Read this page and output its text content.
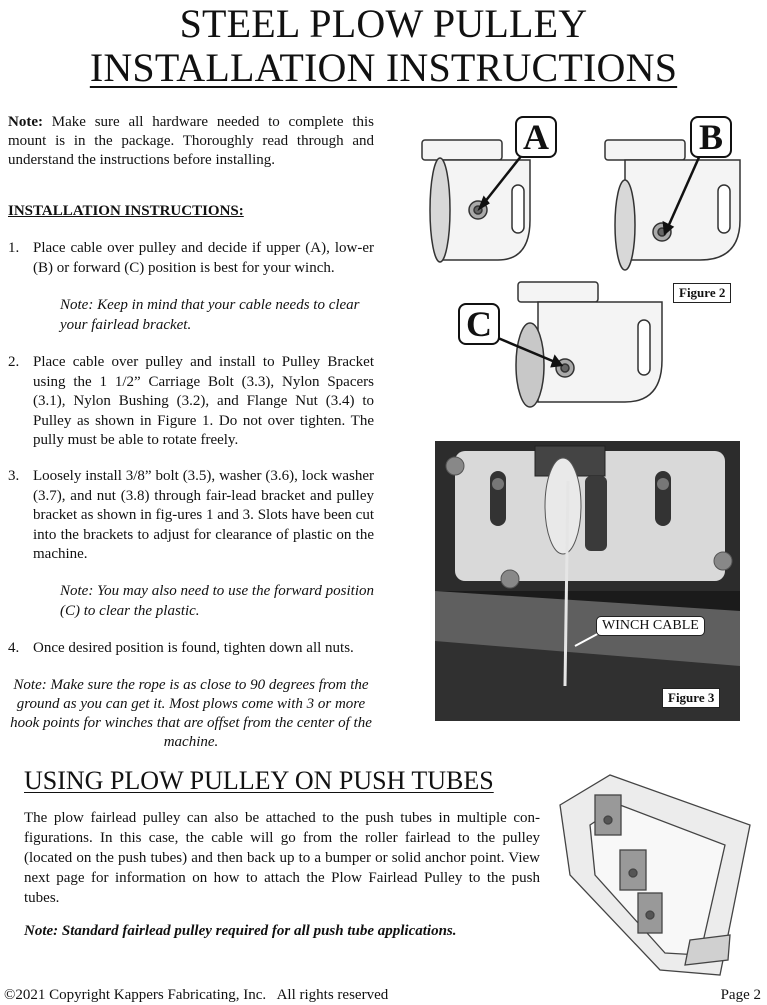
STEEL PLOW PULLEY
INSTALLATION INSTRUCTIONS

Note: Make sure all hardware needed to complete this mount is in the package. Thoroughly read through and understand the instructions before installing.

INSTALLATION INSTRUCTIONS:
1. Place cable over pulley and decide if upper (A), low-er (B) or forward (C) position is best for your winch.
Note: Keep in mind that your cable needs to clear your fairlead bracket.
2. Place cable over pulley and install to Pulley Bracket using the 1 1/2” Carriage Bolt (3.3), Nylon Spacers (3.1), Nylon Bushing (3.2), and Flange Nut (3.4) to Pulley as shown in Figure 1. Do not over tighten. The pully must be able to rotate freely.
3. Loosely install 3/8” bolt (3.5), washer (3.6), lock washer (3.7), and nut (3.8) through fair-lead bracket and pulley bracket as shown in fig-ures 1 and 3. Slots have been cut into the brackets to adjust for clearance of plastic on the machine.
Note: You may also need to use the forward position (C) to clear the plastic.
4. Once desired position is found, tighten down all nuts.
Note: Make sure the rope is as close to 90 degrees from the ground as you can get it. Most plows come with 3 or more hook points for winches that are offset from the center of the machine.
A	B
C
Figure 2
WINCH CABLE
Figure 3
USING PLOW PULLEY ON PUSH TUBES
The plow fairlead pulley can also be attached to the push tubes in multiple con-figurations. In this case, the cable will go from the roller fairlead to the pulley (located on the push tubes) and then back up to a bumper or solid anchor point. View next page for information on how to attach the Plow Fairlead Pulley to the push tubes.
Note: Standard fairlead pulley required for all push tube applications.
©2021 Copyright Kappers Fabricating, Inc.   All rights reserved	Page 2
